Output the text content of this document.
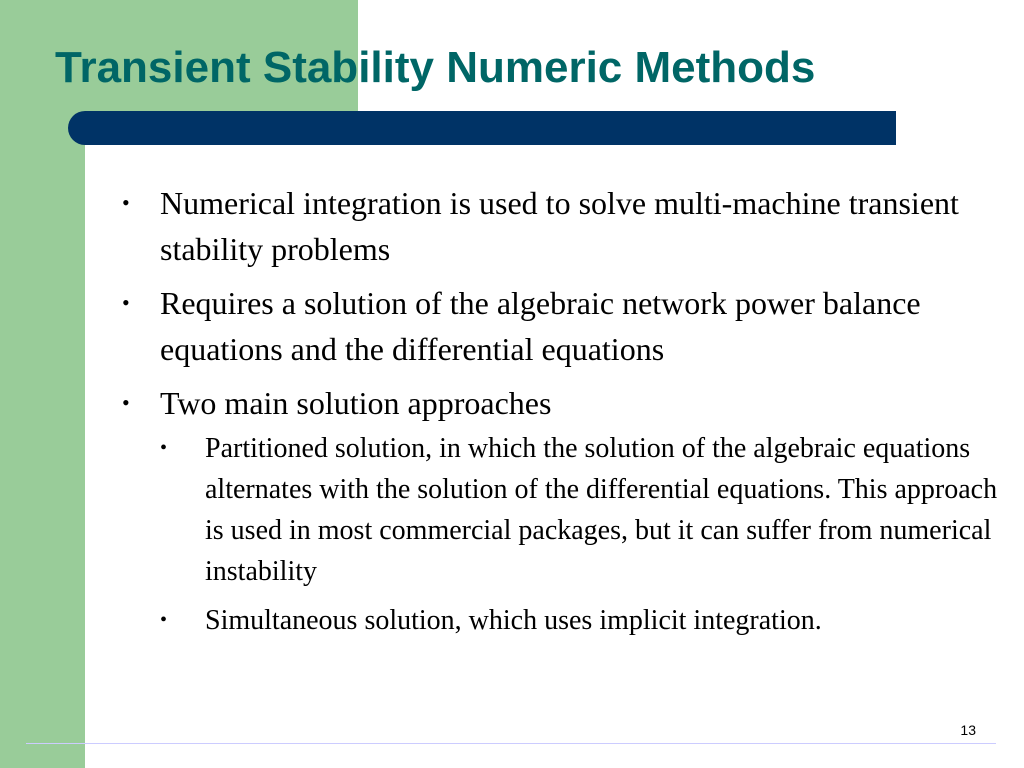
Transient Stability Numeric Methods
• Numerical integration is used to solve multi-machine transient stability problems
• Requires a solution of the algebraic network power balance equations and the differential equations
• Two main solution approaches
• Partitioned solution, in which the solution of the algebraic equations alternates with the solution of the differential equations. This approach is used in most commercial packages, but it can suffer from numerical instability
• Simultaneous solution, which uses implicit integration.
13
